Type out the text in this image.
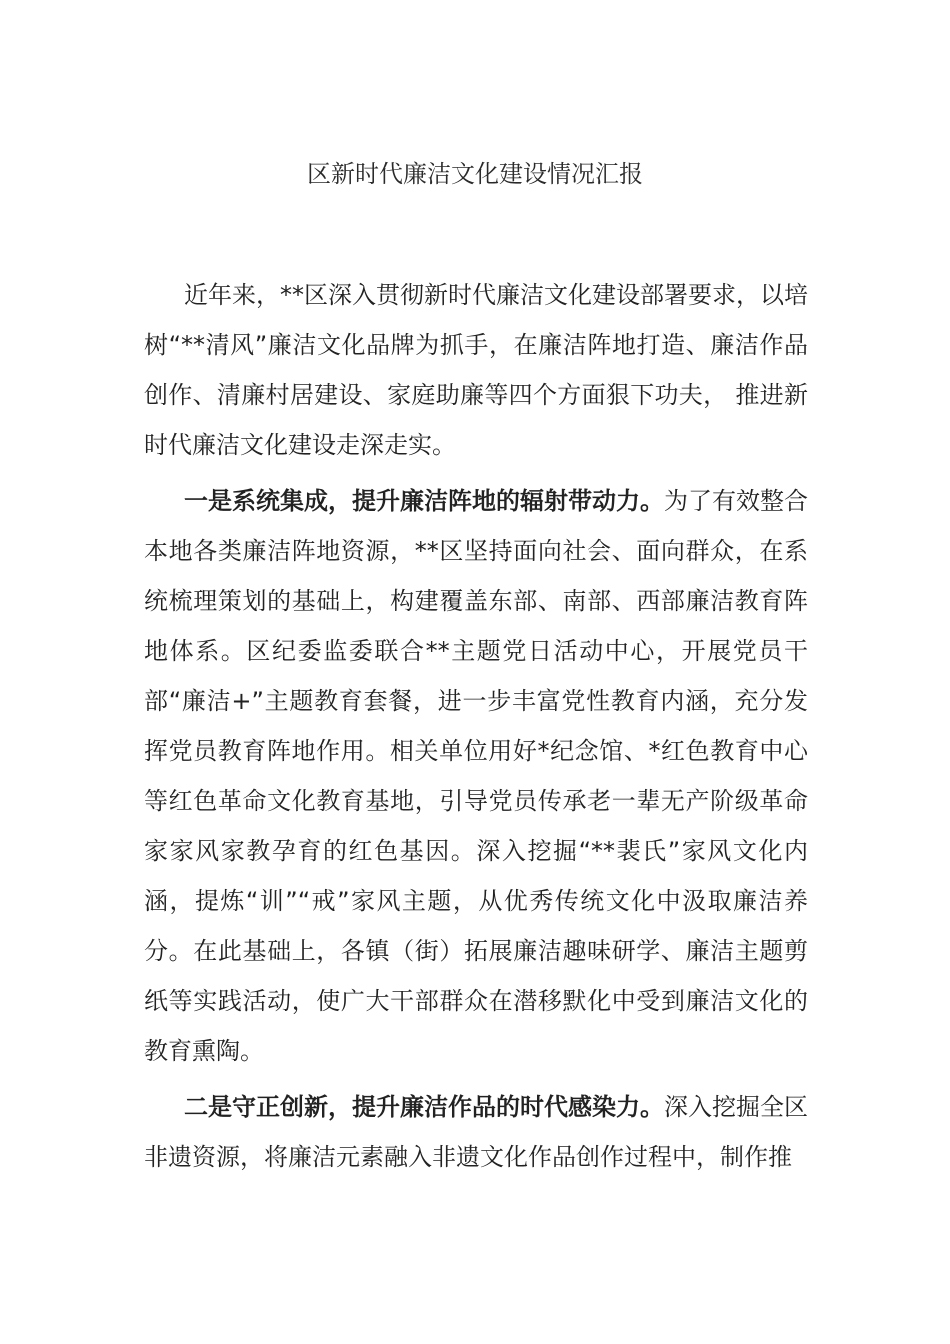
区新时代廉洁文化建设情况汇报

近年来，**区深入贯彻新时代廉洁文化建设部署要求，以培树“**清风”廉洁文化品牌为抓手，在廉洁阵地打造、廉洁作品创作、清廉村居建设、家庭助廉等四个方面狠下功夫， 推进新时代廉洁文化建设走深走实。

一是系统集成，提升廉洁阵地的辐射带动力。为了有效整合本地各类廉洁阵地资源，**区坚持面向社会、面向群众，在系统梳理策划的基础上，构建覆盖东部、南部、西部廉洁教育阵地体系。区纪委监委联合**主题党日活动中心，开展党员干部“廉洁+”主题教育套餐，进一步丰富党性教育内涵，充分发挥党员教育阵地作用。相关单位用好*纪念馆、*红色教育中心等红色革命文化教育基地，引导党员传承老一辈无产阶级革命家家风家教孕育的红色基因。深入挖掘“**裴氏”家风文化内涵，提炼“训”“戒”家风主题，从优秀传统文化中汲取廉洁养分。在此基础上，各镇（街）拓展廉洁趣味研学、廉洁主题剪纸等实践活动，使广大干部群众在潜移默化中受到廉洁文化的教育熏陶。

二是守正创新，提升廉洁作品的时代感染力。深入挖掘全区非遗资源，将廉洁元素融入非遗文化作品创作过程中，制作推
